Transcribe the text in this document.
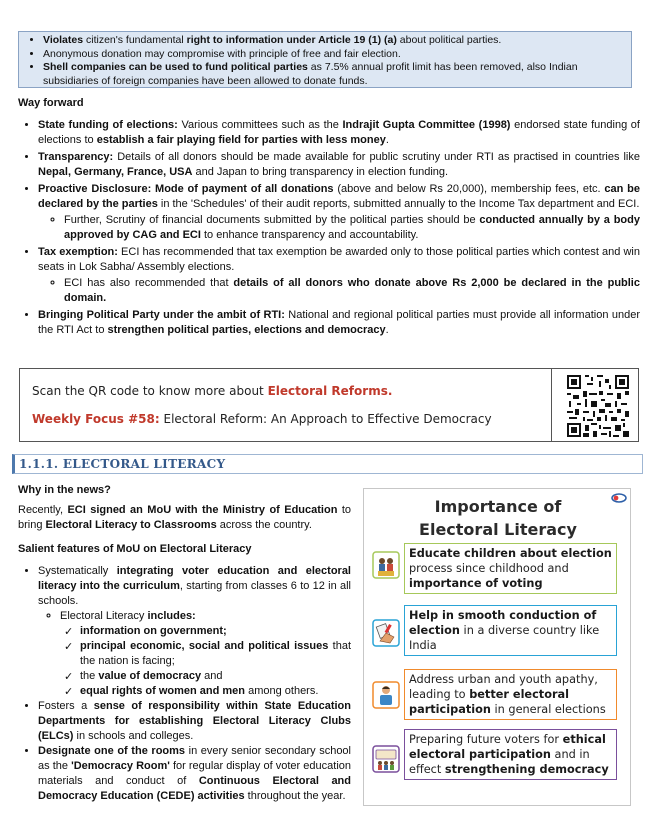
• Violates citizen's fundamental right to information under Article 19 (1) (a) about political parties.
• Anonymous donation may compromise with principle of free and fair election.
• Shell companies can be used to fund political parties as 7.5% annual profit limit has been removed, also Indian subsidiaries of foreign companies have been allowed to donate funds.
Way forward
• State funding of elections: Various committees such as the Indrajit Gupta Committee (1998) endorsed state funding of elections to establish a fair playing field for parties with less money.
• Transparency: Details of all donors should be made available for public scrutiny under RTI as practised in countries like Nepal, Germany, France, USA and Japan to bring transparency in election funding.
• Proactive Disclosure: Mode of payment of all donations (above and below Rs 20,000), membership fees, etc. can be declared by the parties in the 'Schedules' of their audit reports, submitted annually to the Income Tax department and ECI.
◦ Further, Scrutiny of financial documents submitted by the political parties should be conducted annually by a body approved by CAG and ECI to enhance transparency and accountability.
• Tax exemption: ECI has recommended that tax exemption be awarded only to those political parties which contest and win seats in Lok Sabha/ Assembly elections.
◦ ECI has also recommended that details of all donors who donate above Rs 2,000 be declared in the public domain.
• Bringing Political Party under the ambit of RTI: National and regional political parties must provide all information under the RTI Act to strengthen political parties, elections and democracy.
Scan the QR code to know more about Electoral Reforms.
Weekly Focus #58: Electoral Reform: An Approach to Effective Democracy
1.1.1. ELECTORAL LITERACY
Why in the news?
Recently, ECI signed an MoU with the Ministry of Education to bring Electoral Literacy to Classrooms across the country.
Salient features of MoU on Electoral Literacy
• Systematically integrating voter education and electoral literacy into the curriculum, starting from classes 6 to 12 in all schools.
◦ Electoral Literacy includes:
✓ information on government;
✓ principal economic, social and political issues that the nation is facing;
✓ the value of democracy and
✓ equal rights of women and men among others.
• Fosters a sense of responsibility within State Education Departments for establishing Electoral Literacy Clubs (ELCs) in schools and colleges.
• Designate one of the rooms in every senior secondary school as the 'Democracy Room' for regular display of voter education materials and conduct of Continuous Electoral and Democracy Education (CEDE) activities throughout the year.
Importance of
Electoral Literacy
Educate children about election process since childhood and importance of voting
Help in smooth conduction of election in a diverse country like India
Address urban and youth apathy, leading to better electoral participation in general elections
Preparing future voters for ethical electoral participation and in effect strengthening democracy
